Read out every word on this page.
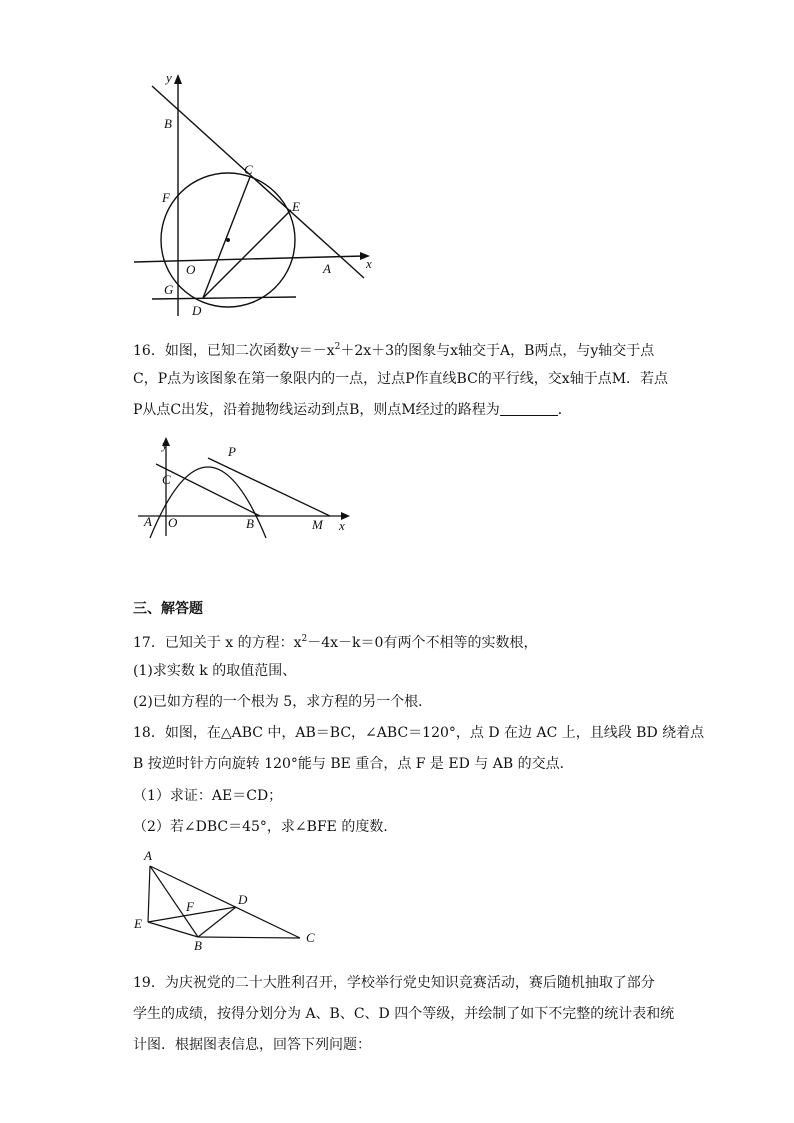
y
x
B
C
F
E
O	A
G
D
16．如图，已知二次函数$y=-x^2+2x+3$的图象与x轴交于A，B两点，与y轴交于点
C，P点为该图象在第一象限内的一点，过点P作直线BC的平行线，交x轴于点M．若点
P从点C出发，沿着抛物线运动到点B，则点M经过的路程为	．
y
C
P
A O	B	M x
三、解答题
17．已知关于 x 的方程：$x^2-4x-k=0$有两个不相等的实数根，
(1)求实数 k 的取值范围、
(2)已如方程的一个根为 5，求方程的另一个根．
18．如图，在△ABC 中，AB＝BC，∠ABC＝120°，点 D 在边 AC 上，且线段 BD 绕着点
B 按逆时针方向旋转 120°能与 BE 重合，点 F 是 ED 与 AB 的交点．
（1）求证：AE＝CD；
（2）若∠DBC＝45°，求∠BFE 的度数．
A
D
F
E
B
C
19．为庆祝党的二十大胜利召开，学校举行党史知识竞赛活动，赛后随机抽取了部分
学生的成绩，按得分划分为 A、B、C、D 四个等级，并绘制了如下不完整的统计表和统
计图．根据图表信息，回答下列问题：
